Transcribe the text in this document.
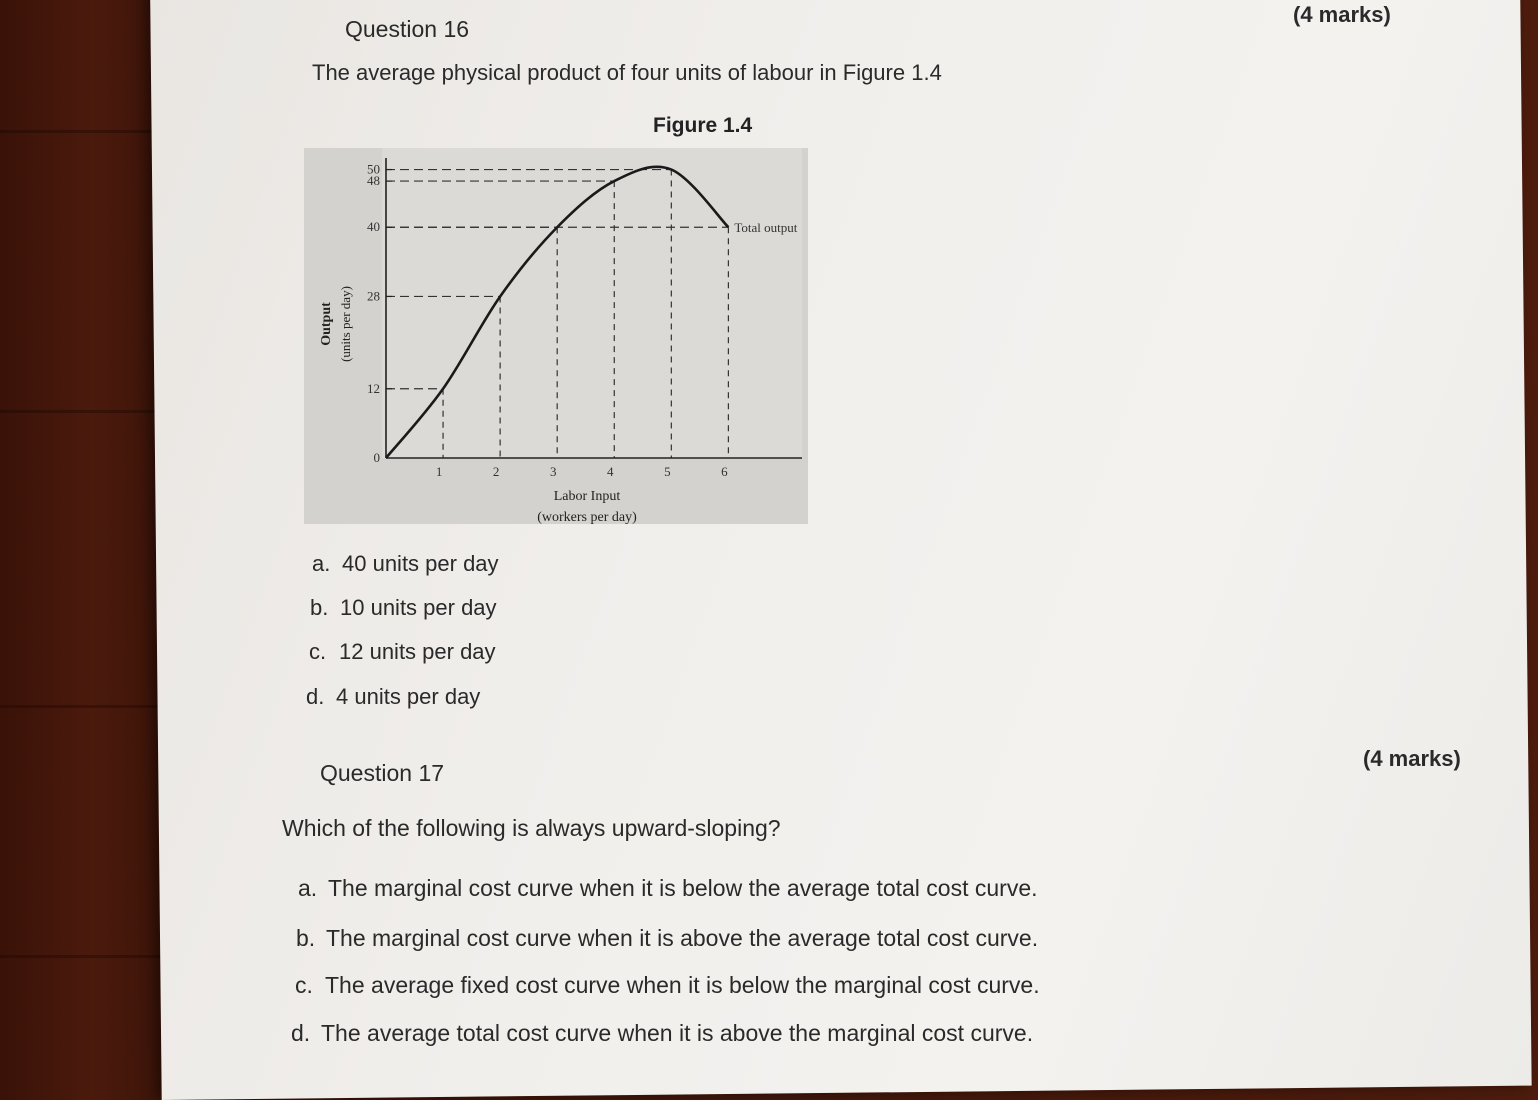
Question 16
(4 marks)
The average physical product of four units of labour in Figure 1.4
Figure 1.4
0
12
28
40
48
50
1	2	3	4	5	6
Total output
Labor Input
(workers per day)
Output (units per day)
a. 40 units per day
b. 10 units per day
c. 12 units per day
d. 4 units per day
Question 17
(4 marks)
Which of the following is always upward-sloping?
a. The marginal cost curve when it is below the average total cost curve.
b. The marginal cost curve when it is above the average total cost curve.
c. The average fixed cost curve when it is below the marginal cost curve.
d. The average total cost curve when it is above the marginal cost curve.
